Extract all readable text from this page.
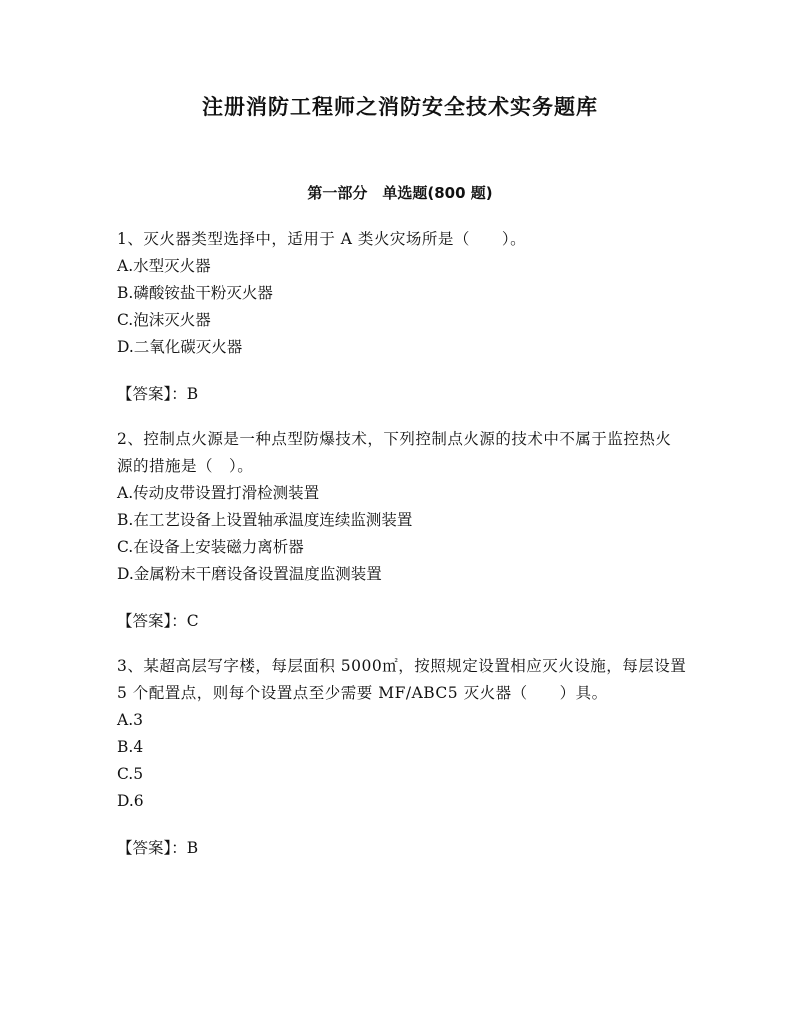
注册消防工程师之消防安全技术实务题库
第一部分　单选题(800 题)
1、灭火器类型选择中，适用于 A 类火灾场所是（　　）。
A.水型灭火器
B.磷酸铵盐干粉灭火器
C.泡沫灭火器
D.二氧化碳灭火器
【答案】：B
2、控制点火源是一种点型防爆技术，下列控制点火源的技术中不属于监控热火源的措施是（　）。
A.传动皮带设置打滑检测装置
B.在工艺设备上设置轴承温度连续监测装置
C.在设备上安装磁力离析器
D.金属粉末干磨设备设置温度监测装置
【答案】：C
3、某超高层写字楼，每层面积 5000㎡，按照规定设置相应灭火设施，每层设置 5 个配置点，则每个设置点至少需要 MF/ABC5 灭火器（　　）具。
A.3
B.4
C.5
D.6
【答案】：B
